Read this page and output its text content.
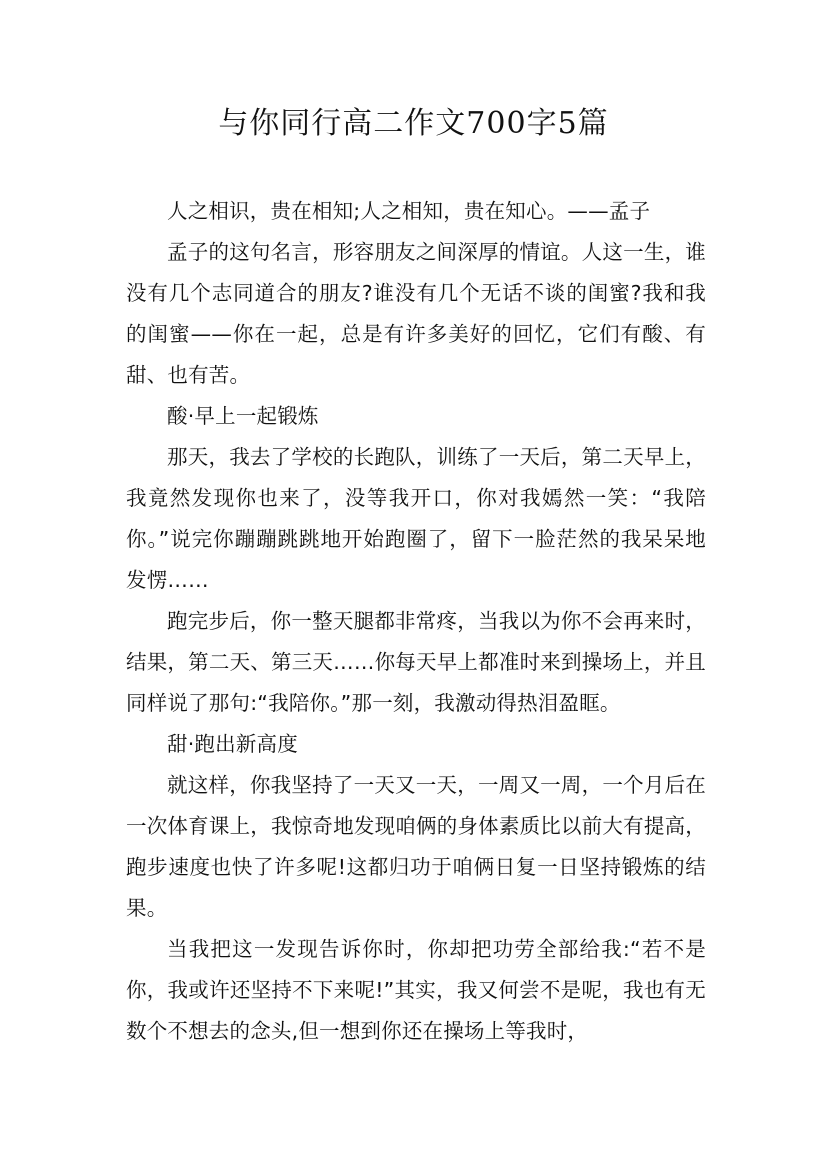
与你同行高二作文700字5篇

人之相识，贵在相知;人之相知，贵在知心。——孟子

孟子的这句名言，形容朋友之间深厚的情谊。人这一生，谁没有几个志同道合的朋友?谁没有几个无话不谈的闺蜜?我和我的闺蜜——你在一起，总是有许多美好的回忆，它们有酸、有甜、也有苦。

酸·早上一起锻炼

那天，我去了学校的长跑队，训练了一天后，第二天早上，我竟然发现你也来了，没等我开口，你对我嫣然一笑：“我陪你。”说完你蹦蹦跳跳地开始跑圈了，留下一脸茫然的我呆呆地发愣……

跑完步后，你一整天腿都非常疼，当我以为你不会再来时，结果，第二天、第三天……你每天早上都准时来到操场上，并且同样说了那句:“我陪你。”那一刻，我激动得热泪盈眶。

甜·跑出新高度

就这样，你我坚持了一天又一天，一周又一周，一个月后在一次体育课上，我惊奇地发现咱俩的身体素质比以前大有提高，跑步速度也快了许多呢!这都归功于咱俩日复一日坚持锻炼的结果。

当我把这一发现告诉你时，你却把功劳全部给我:“若不是你，我或许还坚持不下来呢!”其实，我又何尝不是呢，我也有无数个不想去的念头,但一想到你还在操场上等我时，
